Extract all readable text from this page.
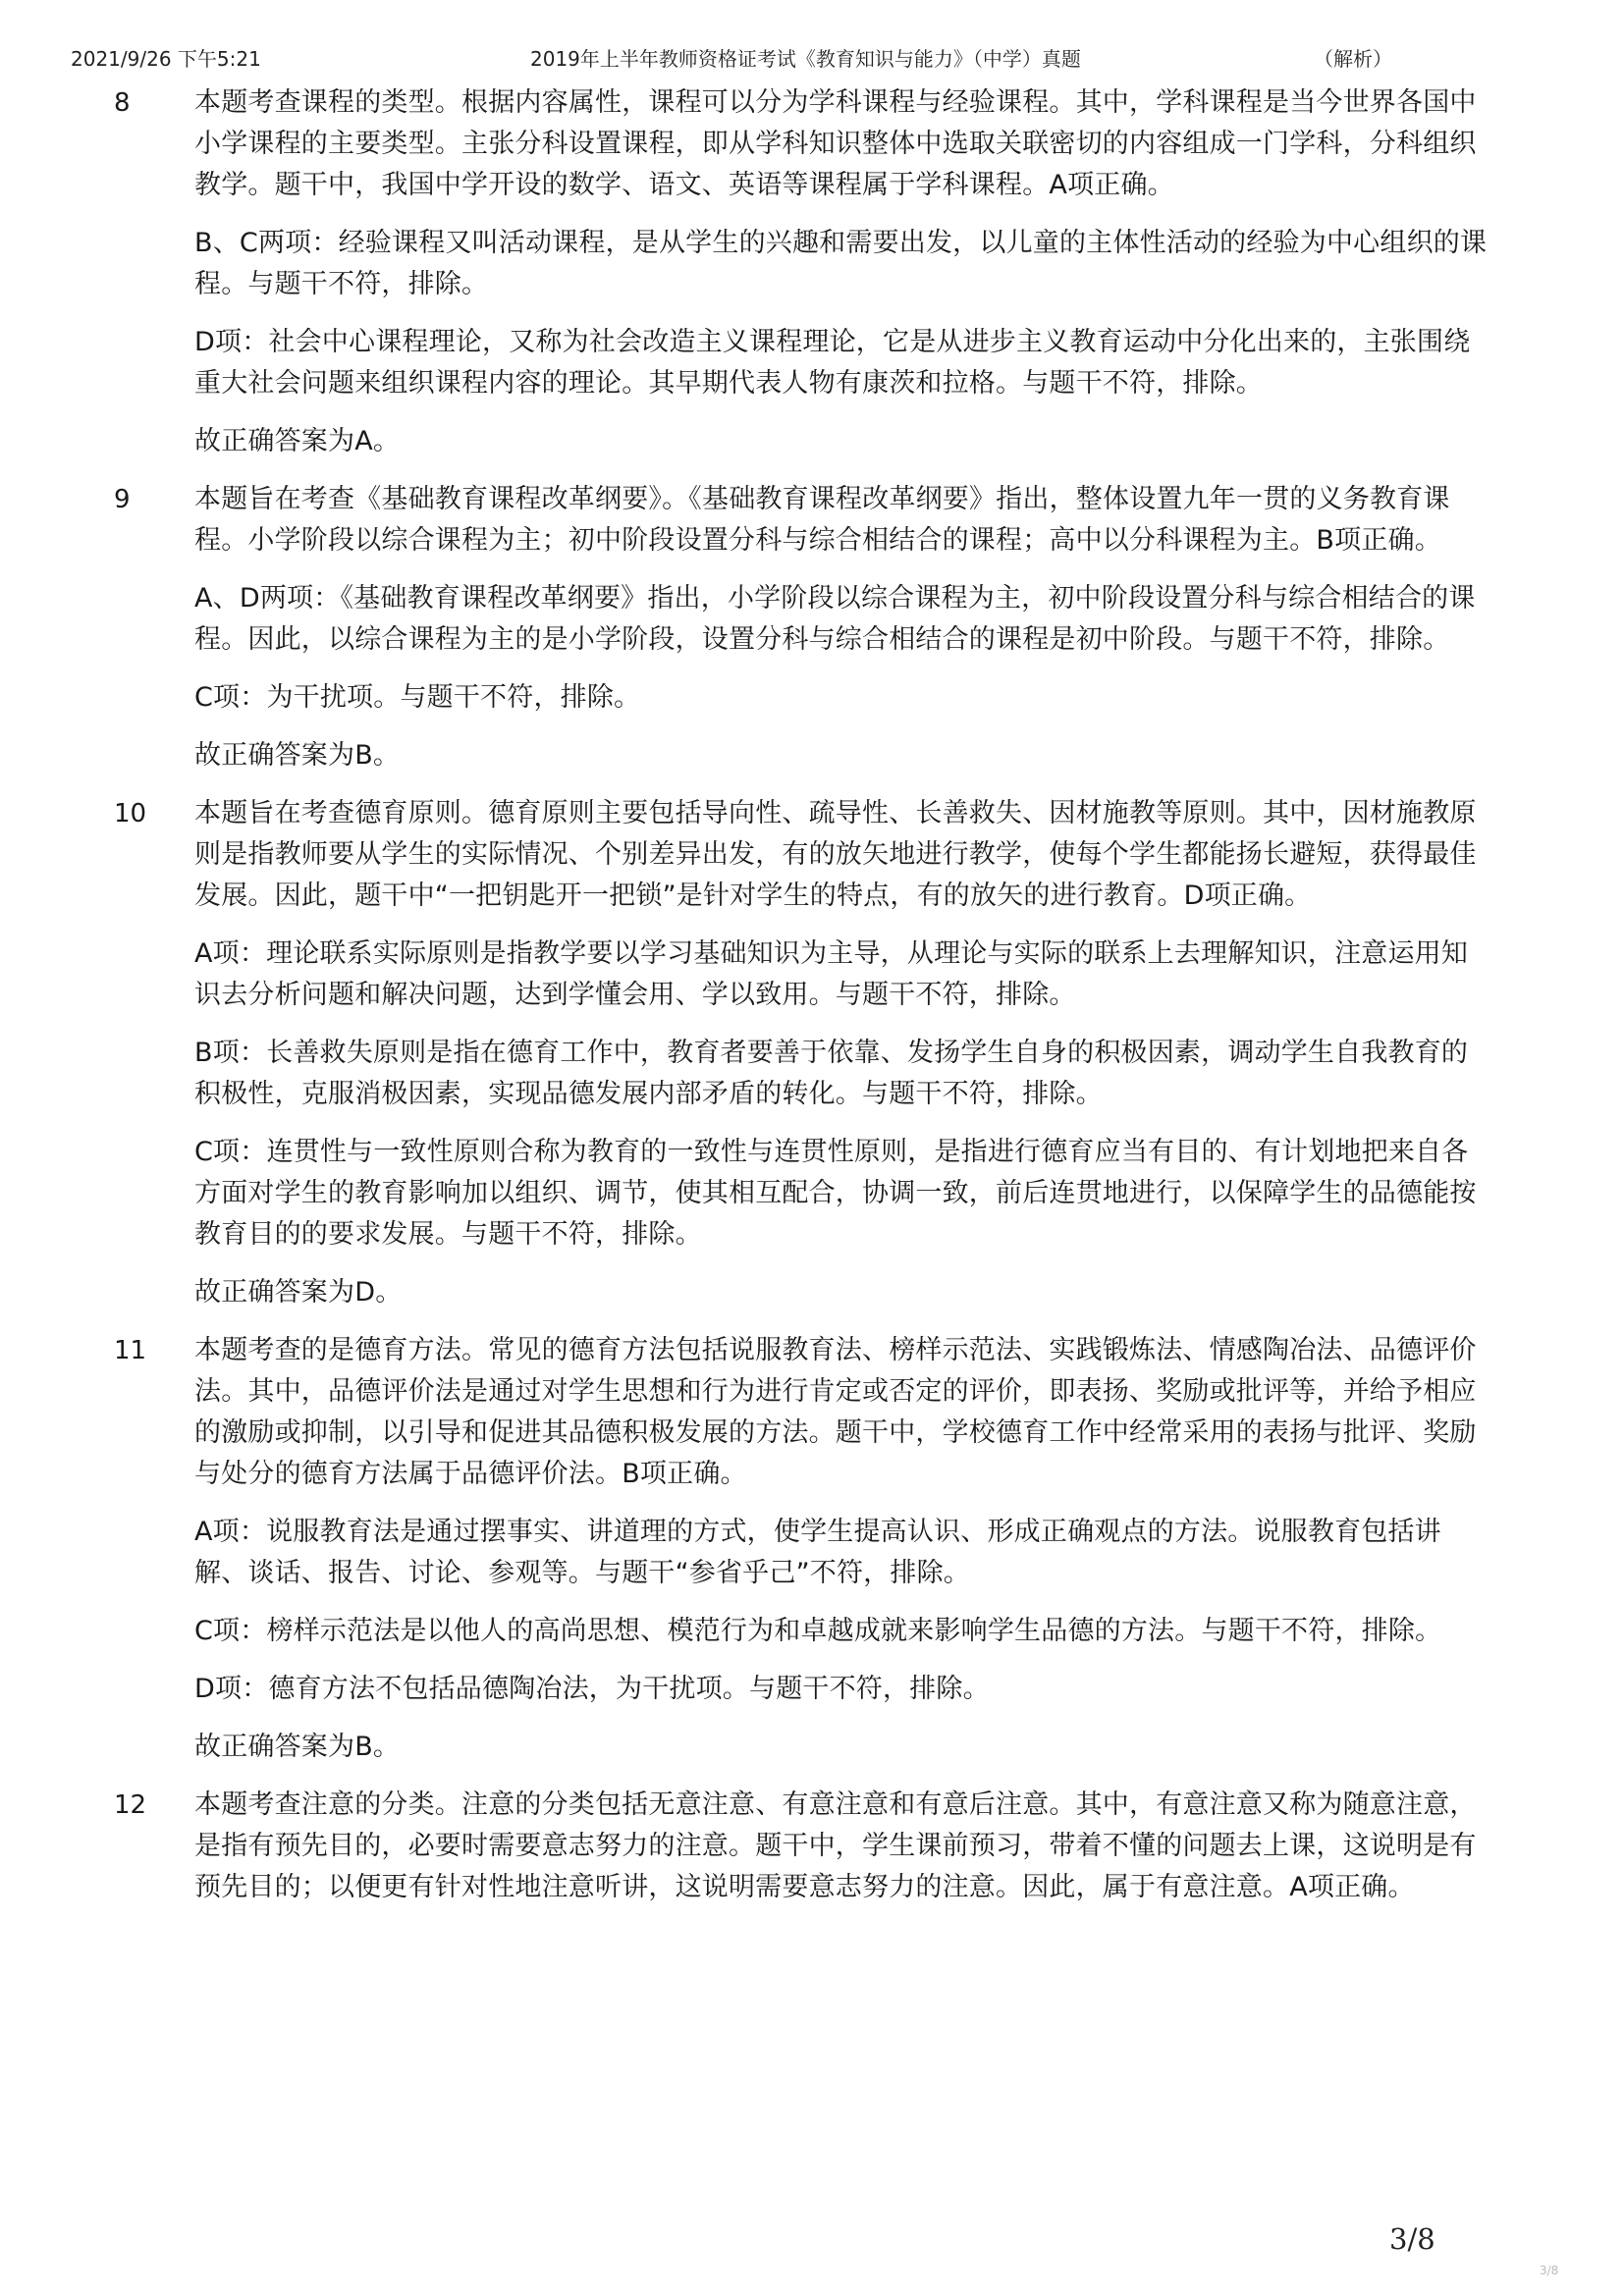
2021/9/26 下午5:21	2019年上半年教师资格证考试《教育知识与能力》（中学）真题	（解析）
8 本题考查课程的类型。根据内容属性，课程可以分为学科课程与经验课程。其中，学科课程是当今世界各国中小学课程的主要类型。主张分科设置课程，即从学科知识整体中选取关联密切的内容组成一门学科，分科组织教学。题干中，我国中学开设的数学、语文、英语等课程属于学科课程。A项正确。

B、C两项：经验课程又叫活动课程，是从学生的兴趣和需要出发，以儿童的主体性活动的经验为中心组织的课程。与题干不符，排除。

D项：社会中心课程理论，又称为社会改造主义课程理论，它是从进步主义教育运动中分化出来的，主张围绕重大社会问题来组织课程内容的理论。其早期代表人物有康茨和拉格。与题干不符，排除。

故正确答案为A。

9 本题旨在考查《基础教育课程改革纲要》。《基础教育课程改革纲要》指出，整体设置九年一贯的义务教育课程。小学阶段以综合课程为主；初中阶段设置分科与综合相结合的课程；高中以分科课程为主。B项正确。

A、D两项：《基础教育课程改革纲要》指出，小学阶段以综合课程为主，初中阶段设置分科与综合相结合的课程。因此，以综合课程为主的是小学阶段，设置分科与综合相结合的课程是初中阶段。与题干不符，排除。

C项：为干扰项。与题干不符，排除。

故正确答案为B。

10 本题旨在考查德育原则。德育原则主要包括导向性、疏导性、长善救失、因材施教等原则。其中，因材施教原则是指教师要从学生的实际情况、个别差异出发，有的放矢地进行教学，使每个学生都能扬长避短，获得最佳发展。因此，题干中“一把钥匙开一把锁”是针对学生的特点，有的放矢的进行教育。D项正确。

A项：理论联系实际原则是指教学要以学习基础知识为主导，从理论与实际的联系上去理解知识，注意运用知识去分析问题和解决问题，达到学懂会用、学以致用。与题干不符，排除。

B项：长善救失原则是指在德育工作中，教育者要善于依靠、发扬学生自身的积极因素，调动学生自我教育的积极性，克服消极因素，实现品德发展内部矛盾的转化。与题干不符，排除。

C项：连贯性与一致性原则合称为教育的一致性与连贯性原则，是指进行德育应当有目的、有计划地把来自各方面对学生的教育影响加以组织、调节，使其相互配合，协调一致，前后连贯地进行，以保障学生的品德能按教育目的的要求发展。与题干不符，排除。

故正确答案为D。

11 本题考查的是德育方法。常见的德育方法包括说服教育法、榜样示范法、实践锻炼法、情感陶冶法、品德评价法。其中，品德评价法是通过对学生思想和行为进行肯定或否定的评价，即表扬、奖励或批评等，并给予相应的激励或抑制，以引导和促进其品德积极发展的方法。题干中，学校德育工作中经常采用的表扬与批评、奖励与处分的德育方法属于品德评价法。B项正确。

A项：说服教育法是通过摆事实、讲道理的方式，使学生提高认识、形成正确观点的方法。说服教育包括讲解、谈话、报告、讨论、参观等。与题干“参省乎己”不符，排除。

C项：榜样示范法是以他人的高尚思想、模范行为和卓越成就来影响学生品德的方法。与题干不符，排除。

D项：德育方法不包括品德陶冶法，为干扰项。与题干不符，排除。

故正确答案为B。

12 本题考查注意的分类。注意的分类包括无意注意、有意注意和有意后注意。其中，有意注意又称为随意注意，是指有预先目的，必要时需要意志努力的注意。题干中，学生课前预习，带着不懂的问题去上课，这说明是有预先目的；以便更有针对性地注意听讲，这说明需要意志努力的注意。因此，属于有意注意。A项正确。

3/8
3/8
